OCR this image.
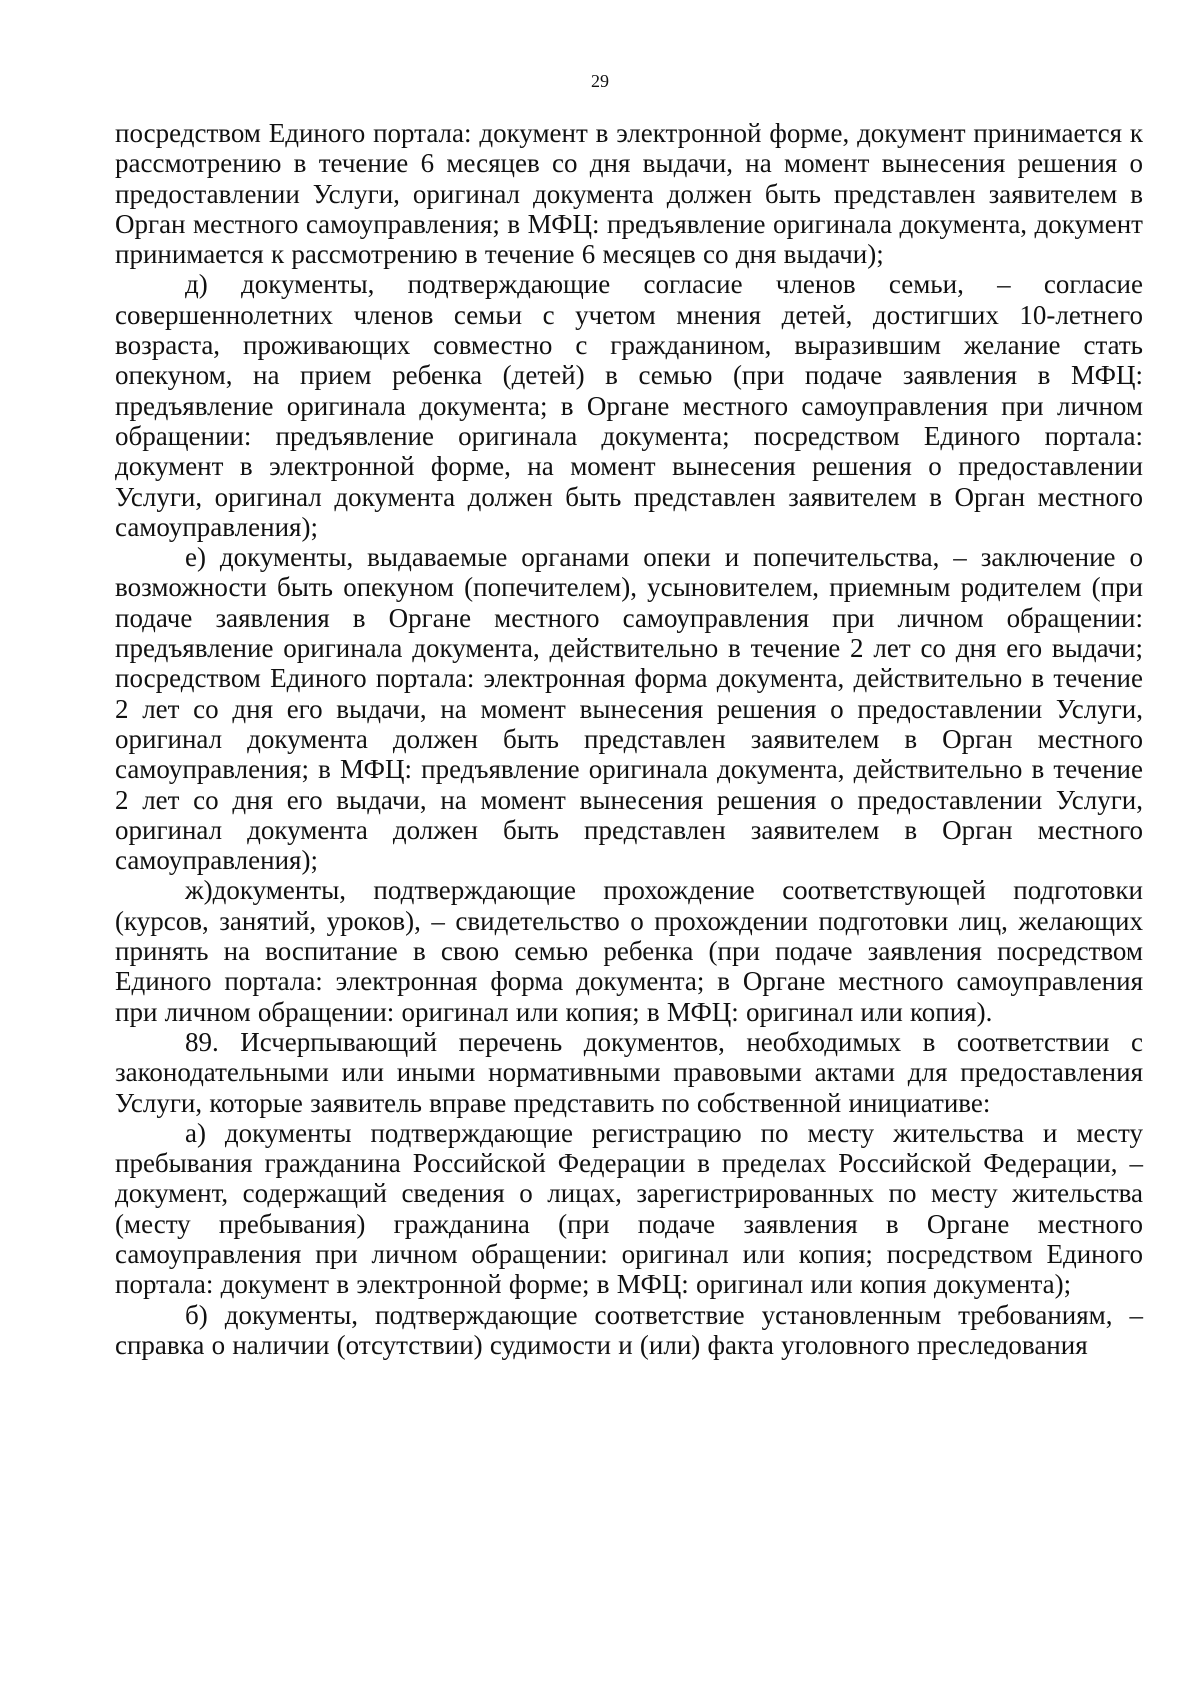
29

посредством Единого портала: документ в электронной форме, документ принимается к рассмотрению в течение 6 месяцев со дня выдачи, на момент вынесения решения о предоставлении Услуги, оригинал документа должен быть представлен заявителем в Орган местного самоуправления; в МФЦ: предъявление оригинала документа, документ принимается к рассмотрению в течение 6 месяцев со дня выдачи);

д) документы, подтверждающие согласие членов семьи, – согласие совершеннолетних членов семьи с учетом мнения детей, достигших 10-летнего возраста, проживающих совместно с гражданином, выразившим желание стать опекуном, на прием ребенка (детей) в семью (при подаче заявления в МФЦ: предъявление оригинала документа; в Органе местного самоуправления при личном обращении: предъявление оригинала документа; посредством Единого портала: документ в электронной форме, на момент вынесения решения о предоставлении Услуги, оригинал документа должен быть представлен заявителем в Орган местного самоуправления);

е) документы, выдаваемые органами опеки и попечительства, – заключение о возможности быть опекуном (попечителем), усыновителем, приемным родителем (при подаче заявления в Органе местного самоуправления при личном обращении: предъявление оригинала документа, действительно в течение 2 лет со дня его выдачи; посредством Единого портала: электронная форма документа, действительно в течение 2 лет со дня его выдачи, на момент вынесения решения о предоставлении Услуги, оригинал документа должен быть представлен заявителем в Орган местного самоуправления; в МФЦ: предъявление оригинала документа, действительно в течение 2 лет со дня его выдачи, на момент вынесения решения о предоставлении Услуги, оригинал документа должен быть представлен заявителем в Орган местного самоуправления);

ж)документы, подтверждающие прохождение соответствующей подготовки (курсов, занятий, уроков), – свидетельство о прохождении подготовки лиц, желающих принять на воспитание в свою семью ребенка (при подаче заявления посредством Единого портала: электронная форма документа; в Органе местного самоуправления при личном обращении: оригинал или копия; в МФЦ: оригинал или копия).

89. Исчерпывающий перечень документов, необходимых в соответствии с законодательными или иными нормативными правовыми актами для предоставления Услуги, которые заявитель вправе представить по собственной инициативе:

а) документы подтверждающие регистрацию по месту жительства и месту пребывания гражданина Российской Федерации в пределах Российской Федерации, – документ, содержащий сведения о лицах, зарегистрированных по месту жительства (месту пребывания) гражданина (при подаче заявления в Органе местного самоуправления при личном обращении: оригинал или копия; посредством Единого портала: документ в электронной форме; в МФЦ: оригинал или копия документа);

б) документы, подтверждающие соответствие установленным требованиям, – справка о наличии (отсутствии) судимости и (или) факта уголовного преследования
